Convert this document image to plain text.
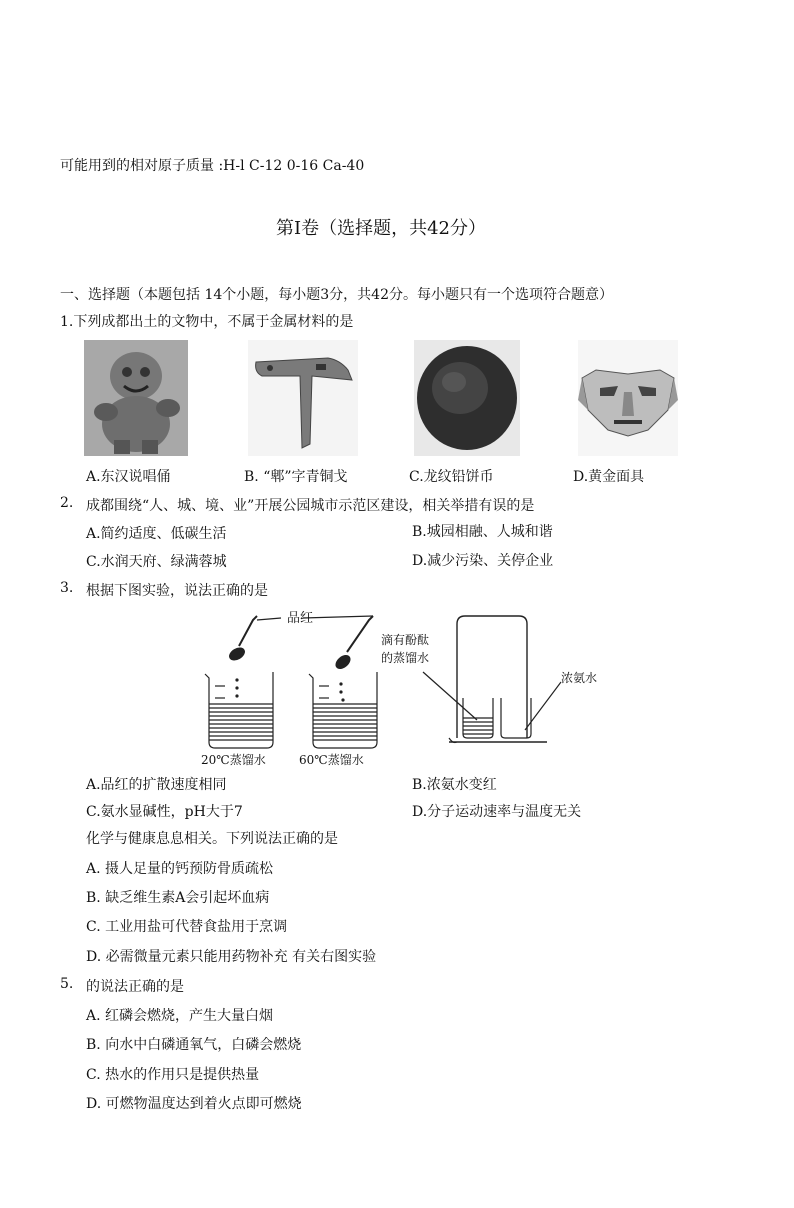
可能用到的相对原子质量 :H-l C-12 0-16 Ca-40
第I卷（选择题，共42分）
一、选择题（本题包括 14个小题，每小题3分，共42分。每小题只有一个选项符合题意）
1.下列成都出土的文物中，不属于金属材料的是
A.东汉说唱俑	B. “郫”字青铜戈	C.龙纹铅饼币	D.黄金面具
2. 成都围绕“人、城、境、业”开展公园城市示范区建设，相关举措有误的是
A.简约适度、低碳生活	B.城园相融、人城和谐
C.水润天府、绿满蓉城	D.减少污染、关停企业
3. 根据下图实验，说法正确的是
品红
20℃蒸馏水	60℃蒸馏水
滴有酚酞
的蒸馏水
浓氨水
A.品红的扩散速度相同	B.浓氨水变红
C.氨水显碱性，pH大于7	D.分子运动速率与温度无关
化学与健康息息相关。下列说法正确的是
A. 摄人足量的钙预防骨质疏松
B. 缺乏维生素A会引起坏血病
C. 工业用盐可代替食盐用于烹调
D. 必需微量元素只能用药物补充 有关右图实验
5. 的说法正确的是
A. 红磷会燃烧，产生大量白烟
B. 向水中白磷通氧气，白磷会燃烧
C. 热水的作用只是提供热量
D. 可燃物温度达到着火点即可燃烧
